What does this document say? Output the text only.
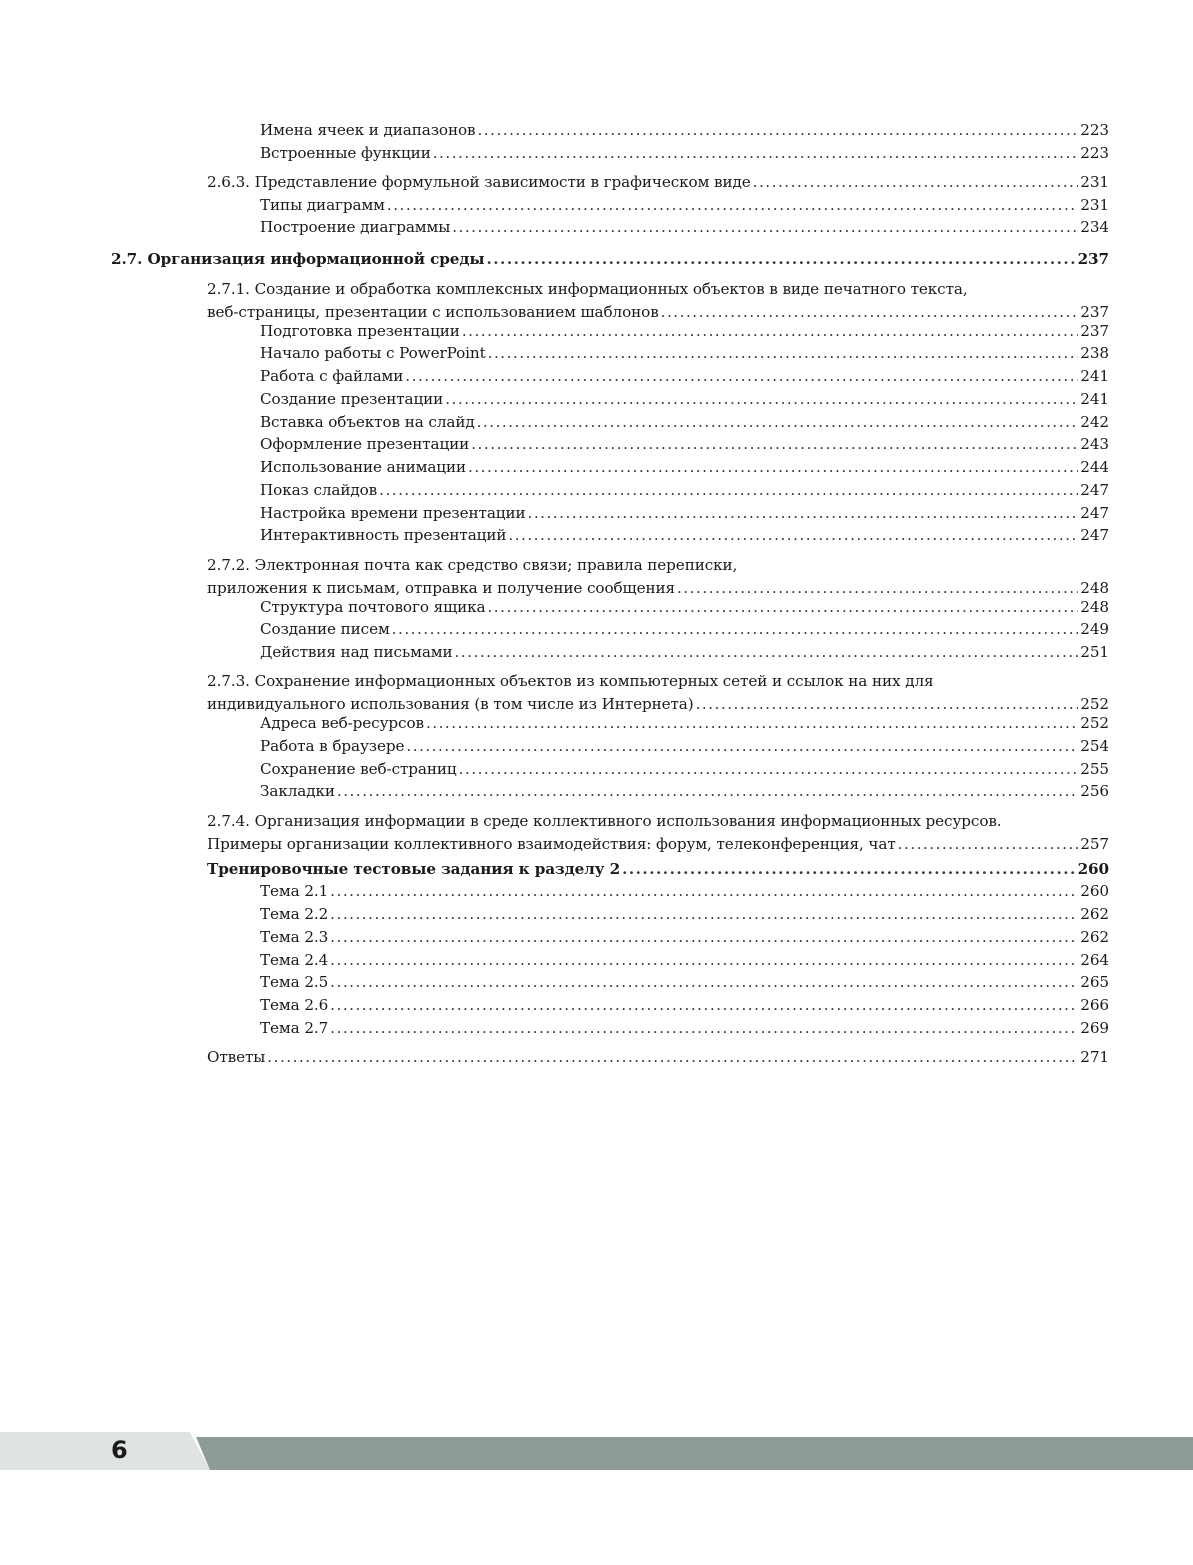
Имена ячеек и диапазонов .....	223
Встроенные функции .....	223
2.6.3. Представление формульной зависимости в графическом виде .....	231
Типы диаграмм .....	231
Построение диаграммы .....	234
2.7. Организация информационной среды .....	237
2.7.1. Создание и обработка комплексных информационных объектов в виде печатного текста,
веб-страницы, презентации с использованием шаблонов .....	237
Подготовка презентации .....	237
Начало работы с PowerPoint .....	238
Работа с файлами .....	241
Создание презентации .....	241
Вставка объектов на слайд .....	242
Оформление презентации .....	243
Использование анимации .....	244
Показ слайдов .....	247
Настройка времени презентации .....	247
Интерактивность презентаций .....	247
2.7.2. Электронная почта как средство связи; правила переписки,
приложения к письмам, отправка и получение сообщения .....	248
Структура почтового ящика .....	248
Создание писем .....	249
Действия над письмами .....	251
2.7.3. Сохранение информационных объектов из компьютерных сетей и ссылок на них для
индивидуального использования (в том числе из Интернета) .....	252
Адреса веб-ресурсов .....	252
Работа в браузере .....	254
Сохранение веб-страниц .....	255
Закладки .....	256
2.7.4. Организация информации в среде коллективного использования информационных ресурсов.
Примеры организации коллективного взаимодействия: форум, телеконференция, чат .....	257
Тренировочные тестовые задания к разделу 2 .....	260
Тема 2.1 .....	260
Тема 2.2 .....	262
Тема 2.3 .....	262
Тема 2.4 .....	264
Тема 2.5 .....	265
Тема 2.6 .....	266
Тема 2.7 .....	269
Ответы .....	271
6
